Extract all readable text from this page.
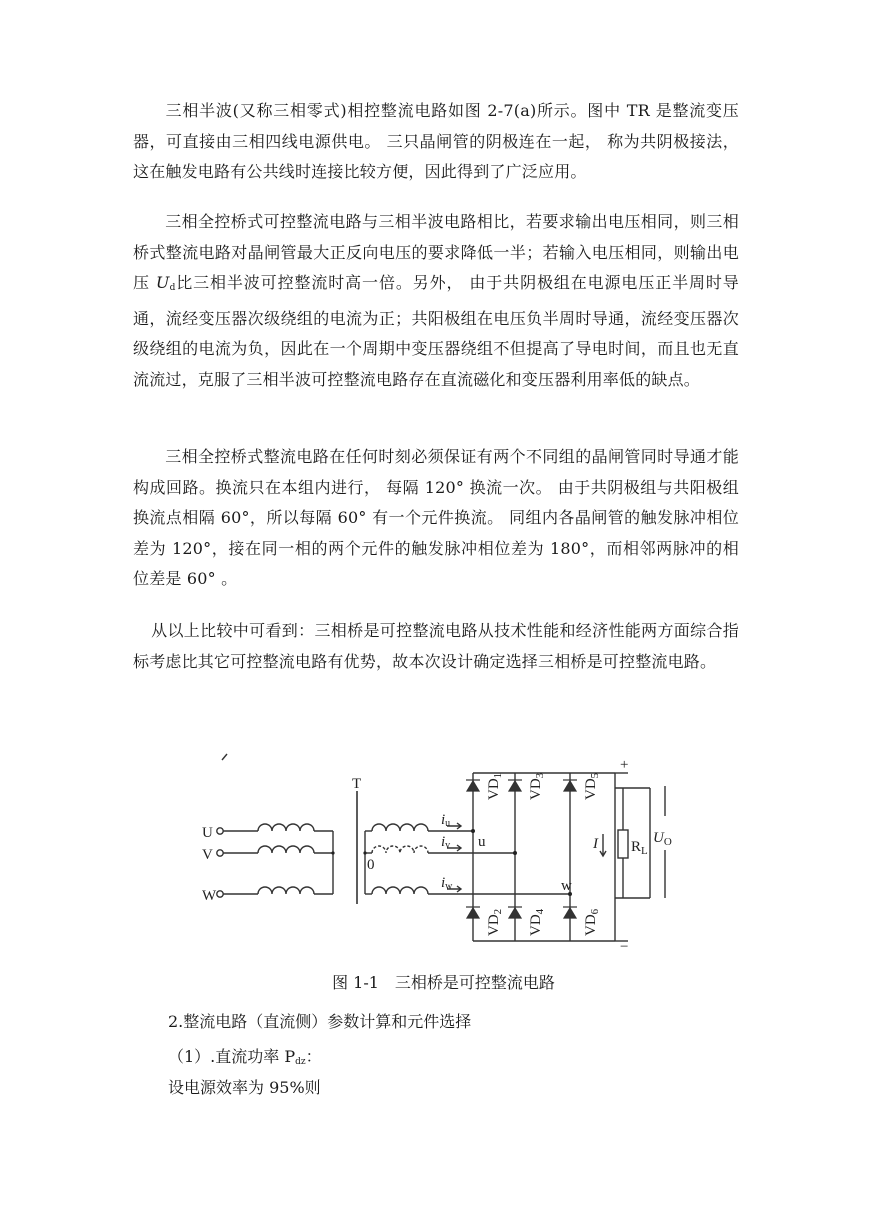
三相半波(又称三相零式)相控整流电路如图 2-7(a)所示。图中 TR 是整流变压器，可直接由三相四线电源供电。 三只晶闸管的阴极连在一起， 称为共阴极接法， 这在触发电路有公共线时连接比较方便，因此得到了广泛应用。

三相全控桥式可控整流电路与三相半波电路相比，若要求输出电压相同，则三相桥式整流电路对晶闸管最大正反向电压的要求降低一半；若输入电压相同，则输出电压 $U_d$比三相半波可控整流时高一倍。另外， 由于共阴极组在电源电压正半周时导通，流经变压器次级绕组的电流为正；共阳极组在电压负半周时导通，流经变压器次级绕组的电流为负，因此在一个周期中变压器绕组不但提高了导电时间，而且也无直流流过，克服了三相半波可控整流电路存在直流磁化和变压器利用率低的缺点。

三相全控桥式整流电路在任何时刻必须保证有两个不同组的晶闸管同时导通才能构成回路。换流只在本组内进行， 每隔 120° 换流一次。 由于共阴极组与共阳极组换流点相隔 60°，所以每隔 60° 有一个元件换流。 同组内各晶闸管的触发脉冲相位差为 120°，接在同一相的两个元件的触发脉冲相位差为 180°，而相邻两脉冲的相位差是 60° 。

从以上比较中可看到：三相桥是可控整流电路从技术性能和经济性能两方面综合指标考虑比其它可控整流电路有优势，故本次设计确定选择三相桥是可控整流电路。

U
V
W
T
0
iu
iv
iw
u
w
$VD_1$
$VD_3$
$VD_5$
$VD_2$
$VD_4$
$VD_6$
$R_L$
$U_O$
I
+
−

图 1-1　三相桥是可控整流电路

2.整流电路（直流侧）参数计算和元件选择

（1）.直流功率 $P_{dz}$：

设电源效率为 95%则
